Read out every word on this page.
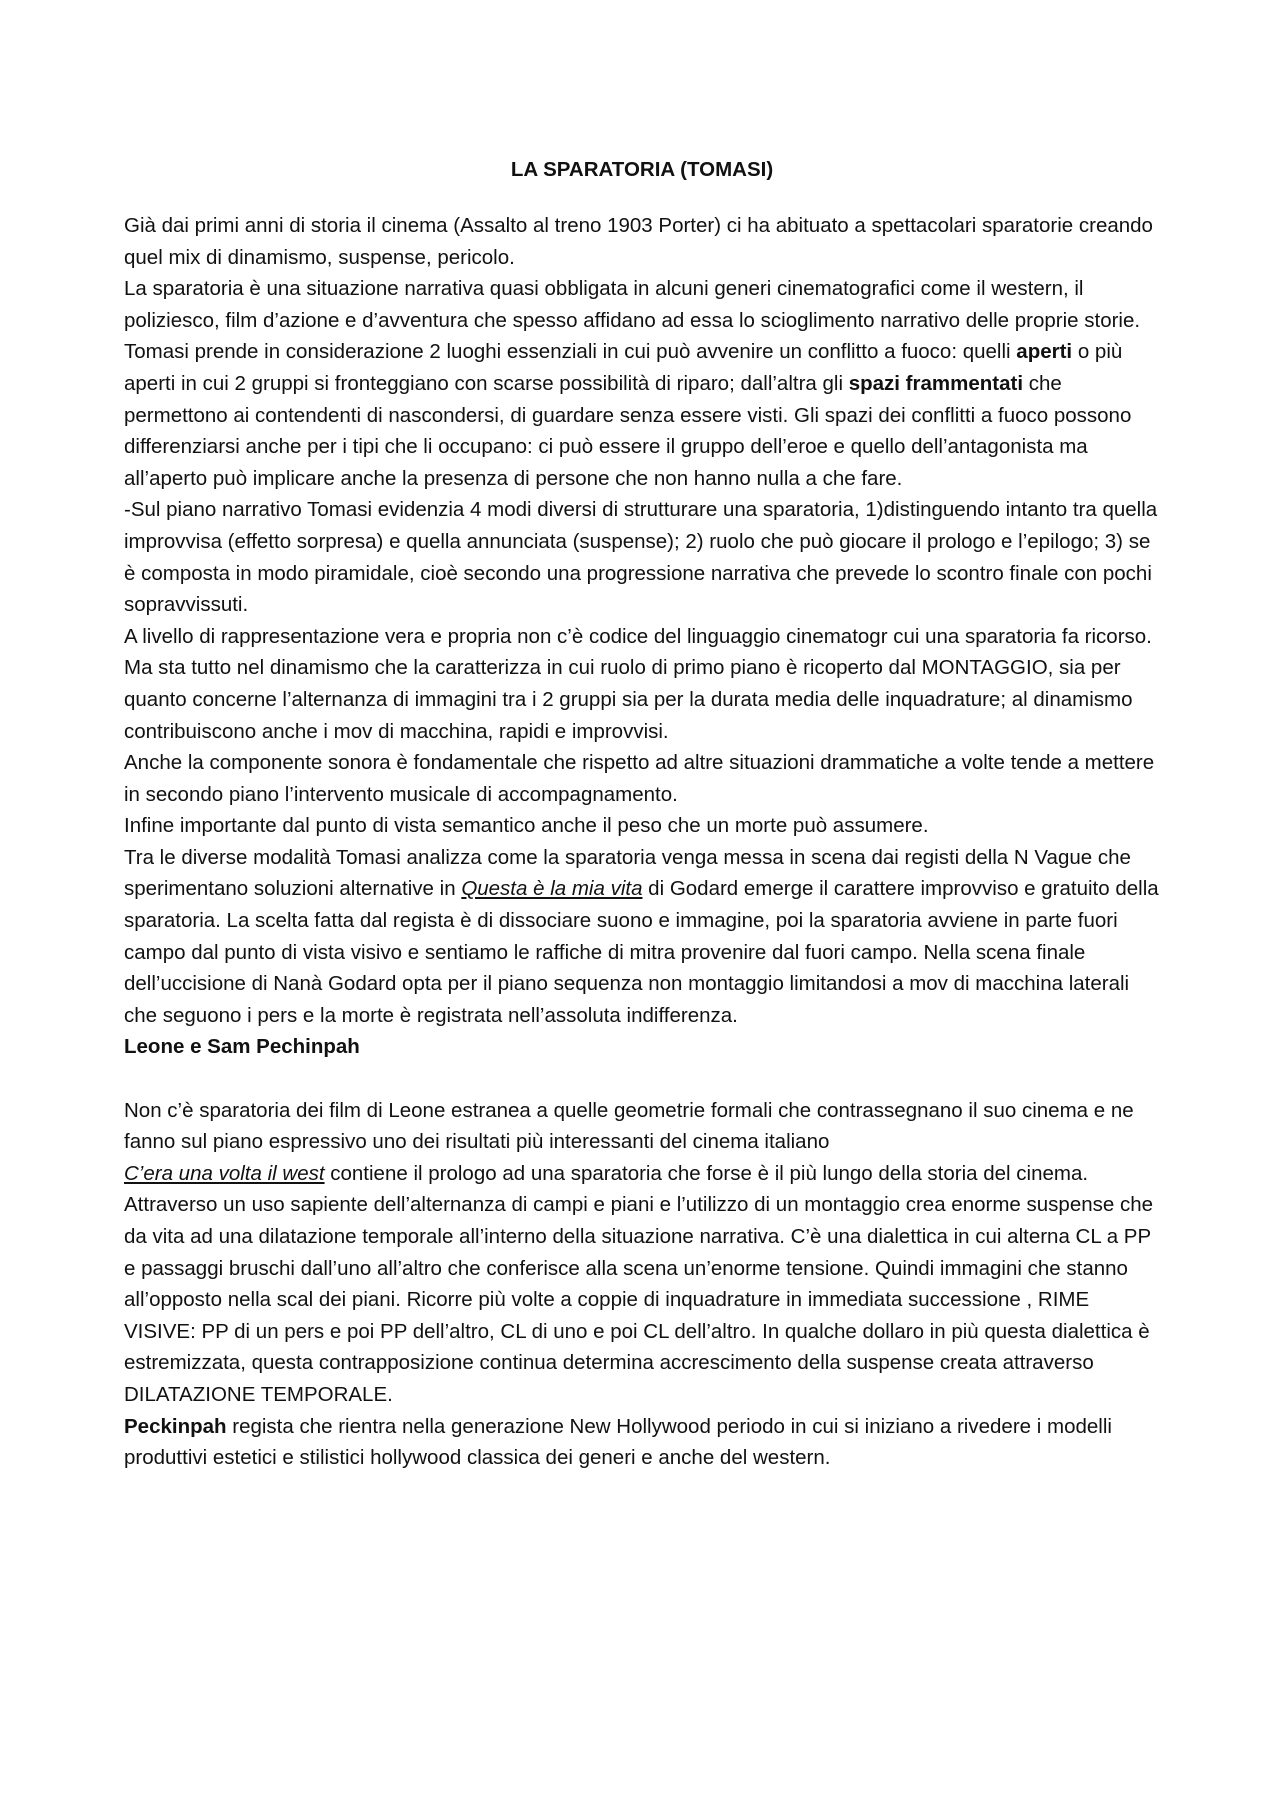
LA SPARATORIA (TOMASI)

Già dai primi anni di storia il cinema (Assalto al treno 1903 Porter) ci ha abituato a spettacolari sparatorie creando quel mix di dinamismo, suspense, pericolo.

La sparatoria è una situazione narrativa quasi obbligata in alcuni generi cinematografici come il western, il poliziesco, film d’azione e d’avventura che spesso affidano ad essa lo scioglimento narrativo delle proprie storie.

Tomasi prende in considerazione 2 luoghi essenziali in cui può avvenire un conflitto a fuoco: quelli aperti o più aperti in cui 2 gruppi si fronteggiano con scarse possibilità di riparo; dall’altra gli spazi frammentati che permettono ai contendenti di nascondersi, di guardare senza essere visti. Gli spazi dei conflitti a fuoco possono differenziarsi anche per i tipi che li occupano: ci può essere il gruppo dell’eroe e quello dell’antagonista ma all’aperto può implicare anche la presenza di persone che non hanno nulla a che fare.

-Sul piano narrativo Tomasi evidenzia 4 modi diversi di strutturare una sparatoria, 1)distinguendo intanto tra quella improvvisa (effetto sorpresa) e quella annunciata (suspense); 2) ruolo che può giocare il prologo e l’epilogo; 3) se è composta in modo piramidale, cioè secondo una progressione narrativa che prevede lo scontro finale con pochi sopravvissuti.

A livello di rappresentazione vera e propria non c’è codice del linguaggio cinematogr cui una sparatoria fa ricorso. Ma sta tutto nel dinamismo che la caratterizza in cui ruolo di primo piano è ricoperto dal MONTAGGIO, sia per quanto concerne l’alternanza di immagini tra i 2 gruppi sia per la durata media delle inquadrature; al dinamismo contribuiscono anche i mov di macchina, rapidi e improvvisi.

Anche la componente sonora è fondamentale che rispetto ad altre situazioni drammatiche a volte tende a mettere in secondo piano l’intervento musicale di accompagnamento.

Infine importante dal punto di vista semantico anche il peso che un morte può assumere.

Tra le diverse modalità Tomasi analizza come la sparatoria venga messa in scena dai registi della N Vague che sperimentano soluzioni alternative in Questa è la mia vita di Godard emerge il carattere improvviso e gratuito della sparatoria. La scelta fatta dal regista è di dissociare suono e immagine, poi la sparatoria avviene in parte fuori campo dal punto di vista visivo e sentiamo le raffiche di mitra provenire dal fuori campo. Nella scena finale dell’uccisione di Nanà Godard opta per il piano sequenza non montaggio limitandosi a mov di macchina laterali che seguono i pers e la morte è registrata nell’assoluta indifferenza.

Leone e Sam Pechinpah

Non c’è sparatoria dei film di Leone estranea a quelle geometrie formali che contrassegnano il suo cinema e ne fanno sul piano espressivo uno dei risultati più interessanti del cinema italiano

C’era una volta il west contiene il prologo ad una sparatoria che forse è il più lungo della storia del cinema. Attraverso un uso sapiente dell’alternanza di campi e piani e l’utilizzo di un montaggio crea enorme suspense che da vita ad una dilatazione temporale all’interno della situazione narrativa. C’è una dialettica in cui alterna CL a PP e passaggi bruschi dall’uno all’altro che conferisce alla scena un’enorme tensione. Quindi immagini che stanno all’opposto nella scal dei piani. Ricorre più volte a coppie di inquadrature in immediata successione , RIME VISIVE: PP di un pers e poi PP dell’altro, CL di uno e poi CL dell’altro. In qualche dollaro in più questa dialettica è estremizzata, questa contrapposizione continua determina accrescimento della suspense creata attraverso DILATAZIONE TEMPORALE.

Peckinpah regista che rientra nella generazione New Hollywood periodo in cui si iniziano a rivedere i modelli produttivi estetici e stilistici hollywood classica dei generi e anche del western.
